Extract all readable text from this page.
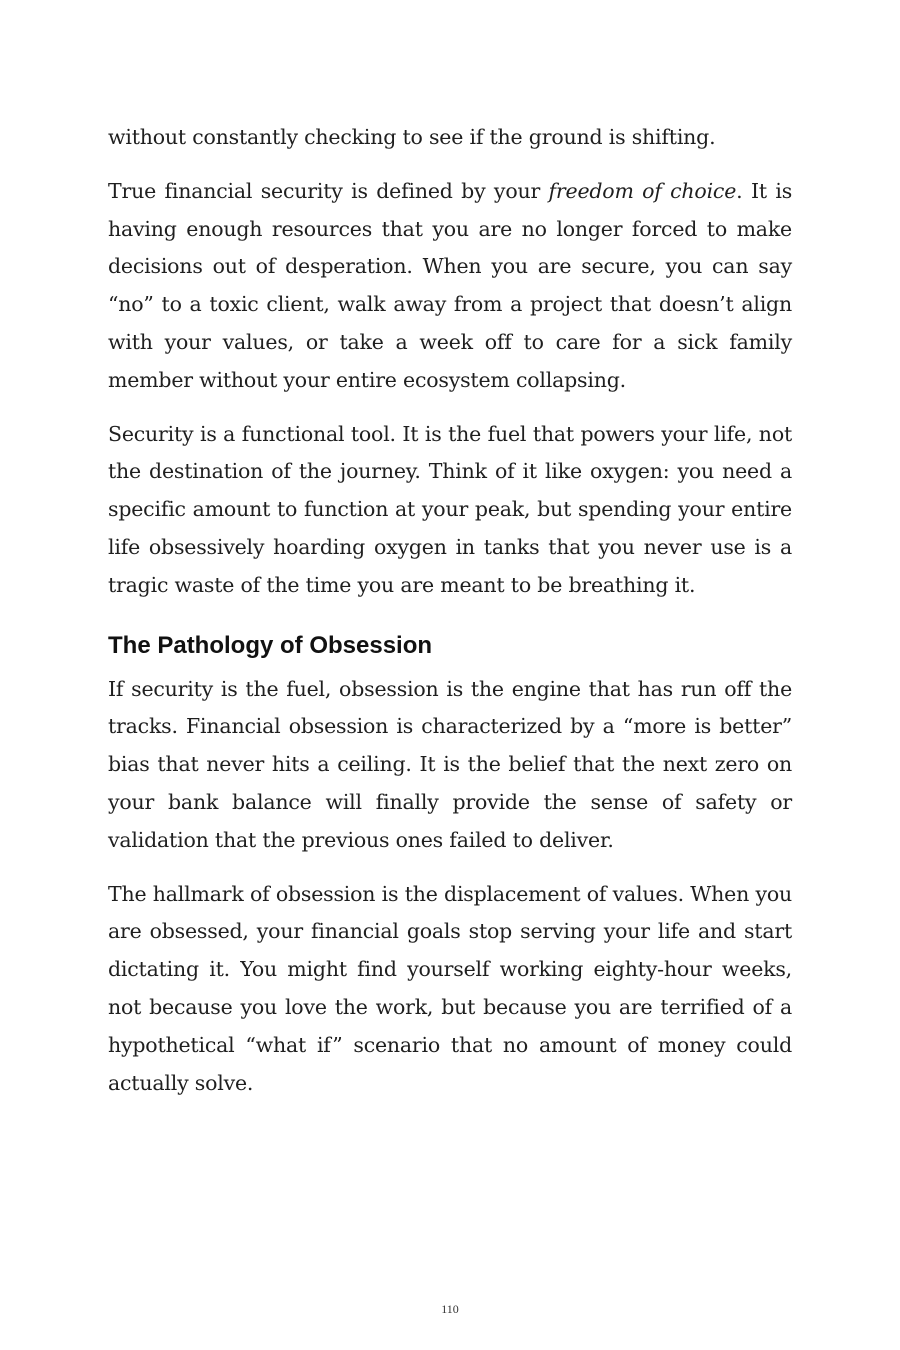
without constantly checking to see if the ground is shifting.

True financial security is defined by your freedom of choice. It is having enough resources that you are no longer forced to make decisions out of desperation. When you are secure, you can say “no” to a toxic client, walk away from a project that doesn’t align with your values, or take a week off to care for a sick family member without your entire ecosystem collapsing.

Security is a functional tool. It is the fuel that powers your life, not the destination of the journey. Think of it like oxygen: you need a specific amount to function at your peak, but spending your entire life obsessively hoarding oxygen in tanks that you never use is a tragic waste of the time you are meant to be breathing it.

The Pathology of Obsession

If security is the fuel, obsession is the engine that has run off the tracks. Financial obsession is characterized by a “more is better” bias that never hits a ceiling. It is the belief that the next zero on your bank balance will finally provide the sense of safety or validation that the previous ones failed to deliver.

The hallmark of obsession is the displacement of values. When you are obsessed, your financial goals stop serving your life and start dictating it. You might find yourself working eighty-hour weeks, not because you love the work, but because you are terrified of a hypothetical “what if” scenario that no amount of money could actually solve.

110
